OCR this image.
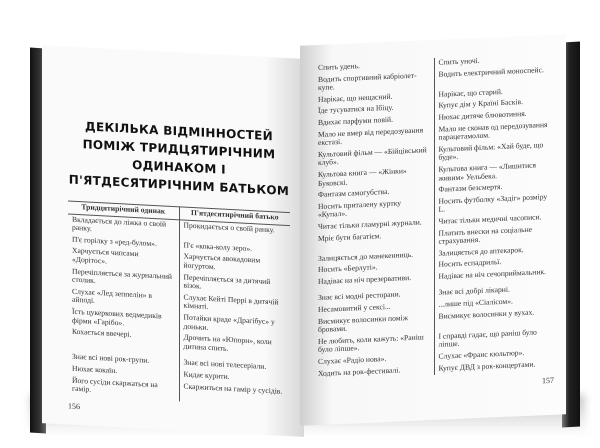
ДЕКІЛЬКА ВІДМІННОСТЕЙ ПОМІЖ ТРИДЦЯТИРІЧНИМ ОДИНАКОМ І П'ЯТДЕСЯТИРІЧНИМ БАТЬКОМ
Тридцятирічний одинак	П'ятдесятирічний батько
Вкладається до ліжка о своїй ранку.	Прокидається о своїй ранку.
П'є горілку з «ред-булом».	П'є «кока-колу зеро».
Харчується чипсами «Дорітос».	Харчується авокадовим йогуртом.
Перечіпляється за журнальний столик.	Перечіпляється за дитячий візок.
Слухає «Лед зеппелін» в айподі.	Слухає Кейті Перрі в дитячій кімнаті.
Їсть цукеркових ведмедиків фірми «Гарібо».	Потайки краде «Драгібус» у доньки.
Кохається ввечері.	Дрочить на «Юпорн», коли дитина спить.
Знає всі нові рок-групи.	Знає всі нові телесеріали.
Нюхає кокаїн.	Кидає курити.
Його сусіди скаржаться на гамір.	Скаржиться на гамір у сусідів.
156
Спить удень.	Спить уночі.
Водить спортивний кабріолет-купе.	Водить електричний моноспейс.
Нарікає, що нещасний.	Нарікає, що старий.
Їде тусуватися на Ібіцу.	Купує дім у Країні Басків.
Вдихає парфуми повій.	Нюхає дитяче блювотиння.
Мало не вмер від передозування екстазі.	Мало не сконав од передозування парацетамолом.
Культовий фільм — «Бійцівський клуб».	Культовий фільм: «Хай буде, що буде».
Культова книга — «Жінки» Буковскі.	Культова книга — «Лишитися живим» Уельбека.
Фантазм самогубства.	Фантазм безсмертя.
Носить приталену куртку «Купал».	Носить футболку «Задіг» розміру L.
Читає тільки гламурні журнали.	Читає тільки медичні часописи.
Мріє бути багатієм.	Платить внески на соціальне страхування.
Залицяється до манекенниць.	Залицяється до аптекарок.
Носить «Берлуті».	Носить еспадрильї.
Надіває на ніч презервативи.	Надіває на ніч сечоприймальник.
Знає всі модні ресторани.	Знає всі добрі лікарні.
Несамовитий у сексі...	...лише під «Сіалісом».
Висмикує волосинки поміж бровами.	Висмикує волосинки у вухах.
Не любить, коли кажуть: «Раніш було ліпше».	І справді гадає, що раніш було ліпше.
Слухає «Радіо нова».	Слухає «Франс кюльтюр».
Ходить на рок-фестивалі.	Купує ДВД з рок-концертами.
157
